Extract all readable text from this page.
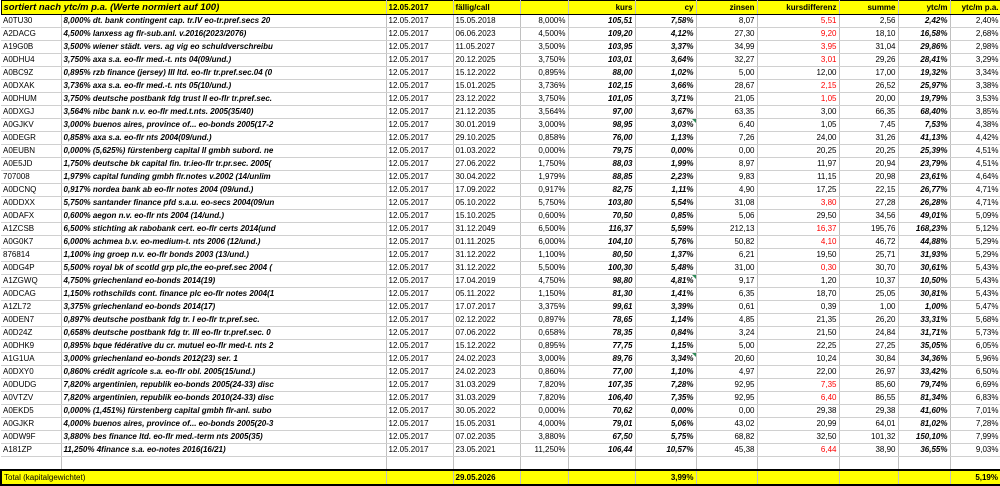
sortiert nach ytc/m p.a. (Werte normiert auf 100)		12.05.2017	fällig/call		kurs	cy	zinsen	kursdifferenz	summe	ytc/m	ytc/m p.a.
A0TU30	8,000% dt. bank contingent cap. tr.IV eo-tr.pref.secs 20	12.05.2017	15.05.2018	8,000%	105,51	7,58%	8,07	5,51	2,56	2,42%	2,40%
A2DACG	4,500% lanxess ag flr-sub.anl. v.2016(2023/2076)	12.05.2017	06.06.2023	4,500%	109,20	4,12%	27,30	9,20	18,10	16,58%	2,68%
A19G0B	3,500% wiener städt. vers. ag vig eo schuldverschreibu	12.05.2017	11.05.2027	3,500%	103,95	3,37%	34,99	3,95	31,04	29,86%	2,98%
A0DHU4	3,750% axa s.a. eo-flr med.-t. nts 04(09/und.)	12.05.2017	20.12.2025	3,750%	103,01	3,64%	32,27	3,01	29,26	28,41%	3,29%
A0BC9Z	0,895% rzb finance (jersey) III ltd. eo-flr tr.pref.sec.04 (0	12.05.2017	15.12.2022	0,895%	88,00	1,02%	5,00	12,00	17,00	19,32%	3,34%
A0DXAK	3,736% axa s.a. eo-flr med.-t. nts 05(10/und.)	12.05.2017	15.01.2025	3,736%	102,15	3,66%	28,67	2,15	26,52	25,97%	3,38%
A0DHUM	3,750% deutsche postbank fdg trust II eo-flr tr.pref.sec.	12.05.2017	23.12.2022	3,750%	101,05	3,71%	21,05	1,05	20,00	19,79%	3,53%
A0DXGJ	3,564% nibc bank n.v. eo-flr med.t.nts. 2005(35/40)	12.05.2017	21.12.2035	3,564%	97,00	3,67%	63,35	3,00	66,35	68,40%	3,85%
A0GJKV	3,000% buenos aires, province of... eo-bonds 2005(17-2	12.05.2017	30.01.2019	3,000%	98,95	3,03%	6,40	1,05	7,45	7,53%	4,38%
A0DEGR	0,858% axa s.a. eo-flr nts 2004(09/und.)	12.05.2017	29.10.2025	0,858%	76,00	1,13%	7,26	24,00	31,26	41,13%	4,42%
A0EUBN	0,000% (5,625%) fürstenberg capital II gmbh subord. ne	12.05.2017	01.03.2022	0,000%	79,75	0,00%	0,00	20,25	20,25	25,39%	4,51%
A0E5JD	1,750% deutsche bk capital fin. tr.ieo-flr tr.pr.sec. 2005(	12.05.2017	27.06.2022	1,750%	88,03	1,99%	8,97	11,97	20,94	23,79%	4,51%
707008	1,979% capital funding gmbh flr.notes v.2002 (14/unlim	12.05.2017	30.04.2022	1,979%	88,85	2,23%	9,83	11,15	20,98	23,61%	4,64%
A0DCNQ	0,917% nordea bank ab eo-flr notes 2004 (09/und.)	12.05.2017	17.09.2022	0,917%	82,75	1,11%	4,90	17,25	22,15	26,77%	4,71%
A0DDXX	5,750% santander finance pfd s.a.u. eo-secs 2004(09/un	12.05.2017	05.10.2022	5,750%	103,80	5,54%	31,08	3,80	27,28	26,28%	4,71%
A0DAFX	0,600% aegon n.v. eo-flr nts 2004 (14/und.)	12.05.2017	15.10.2025	0,600%	70,50	0,85%	5,06	29,50	34,56	49,01%	5,09%
A1ZCSB	6,500% stichting ak rabobank cert. eo-flr certs 2014(und	12.05.2017	31.12.2049	6,500%	116,37	5,59%	212,13	16,37	195,76	168,23%	5,12%
A0G0K7	6,000% achmea b.v. eo-medium-t. nts 2006 (12/und.)	12.05.2017	01.11.2025	6,000%	104,10	5,76%	50,82	4,10	46,72	44,88%	5,29%
876814	1,100% ing groep n.v. eo-flr bonds 2003 (13/und.)	12.05.2017	31.12.2022	1,100%	80,50	1,37%	6,21	19,50	25,71	31,93%	5,29%
A0DG4P	5,500% royal bk of scotld grp plc,the eo-pref.sec 2004 (	12.05.2017	31.12.2022	5,500%	100,30	5,48%	31,00	0,30	30,70	30,61%	5,43%
A1ZGWQ	4,750% griechenland eo-bonds 2014(19)	12.05.2017	17.04.2019	4,750%	98,80	4,81%	9,17	1,20	10,37	10,50%	5,43%
A0DCAG	1,150% rothschilds cont. finance plc eo-flr notes 2004(1	12.05.2017	05.11.2022	1,150%	81,30	1,41%	6,35	18,70	25,05	30,81%	5,43%
A1ZL72	3,375% griechenland eo-bonds 2014(17)	12.05.2017	17.07.2017	3,375%	99,61	3,39%	0,61	0,39	1,00	1,00%	5,47%
A0DEN7	0,897% deutsche postbank fdg tr. I eo-flr tr.pref.sec.	12.05.2017	02.12.2022	0,897%	78,65	1,14%	4,85	21,35	26,20	33,31%	5,68%
A0D24Z	0,658% deutsche postbank fdg tr. III eo-flr tr.pref.sec. 0	12.05.2017	07.06.2022	0,658%	78,35	0,84%	3,24	21,50	24,84	31,71%	5,73%
A0DHK9	0,895% bque fédérative du cr. mutuel eo-flr med-t. nts 2	12.05.2017	15.12.2022	0,895%	77,75	1,15%	5,00	22,25	27,25	35,05%	6,05%
A1G1UA	3,000% griechenland eo-bonds 2012(23) ser. 1	12.05.2017	24.02.2023	3,000%	89,76	3,34%	20,60	10,24	30,84	34,36%	5,96%
A0DXY0	0,860% crédit agricole s.a. eo-flr obl. 2005(15/und.)	12.05.2017	24.02.2023	0,860%	77,00	1,10%	4,97	22,00	26,97	33,42%	6,50%
A0DUDG	7,820% argentinien, republik eo-bonds 2005(24-33) disc	12.05.2017	31.03.2029	7,820%	107,35	7,28%	92,95	7,35	85,60	79,74%	6,69%
A0VTZV	7,820% argentinien, republik eo-bonds 2010(24-33) disc	12.05.2017	31.03.2029	7,820%	106,40	7,35%	92,95	6,40	86,55	81,34%	6,83%
A0EKD5	0,000% (1,451%) fürstenberg capital gmbh flr-anl. subo	12.05.2017	30.05.2022	0,000%	70,62	0,00%	0,00	29,38	29,38	41,60%	7,01%
A0GJKR	4,000% buenos aires, province of... eo-bonds 2005(20-3	12.05.2017	15.05.2031	4,000%	79,01	5,06%	43,02	20,99	64,01	81,02%	7,28%
A0DW9F	3,880% bes finance ltd. eo-flr med.-term nts 2005(35)	12.05.2017	07.02.2035	3,880%	67,50	5,75%	68,82	32,50	101,32	150,10%	7,99%
A181ZP	11,250% 4finance s.a. eo-notes 2016(16/21)	12.05.2017	23.05.2021	11,250%	106,44	10,57%	45,38	6,44	38,90	36,55%	9,03%

Total (kapitalgewichtet)			29.05.2026			3,99%					5,19%
